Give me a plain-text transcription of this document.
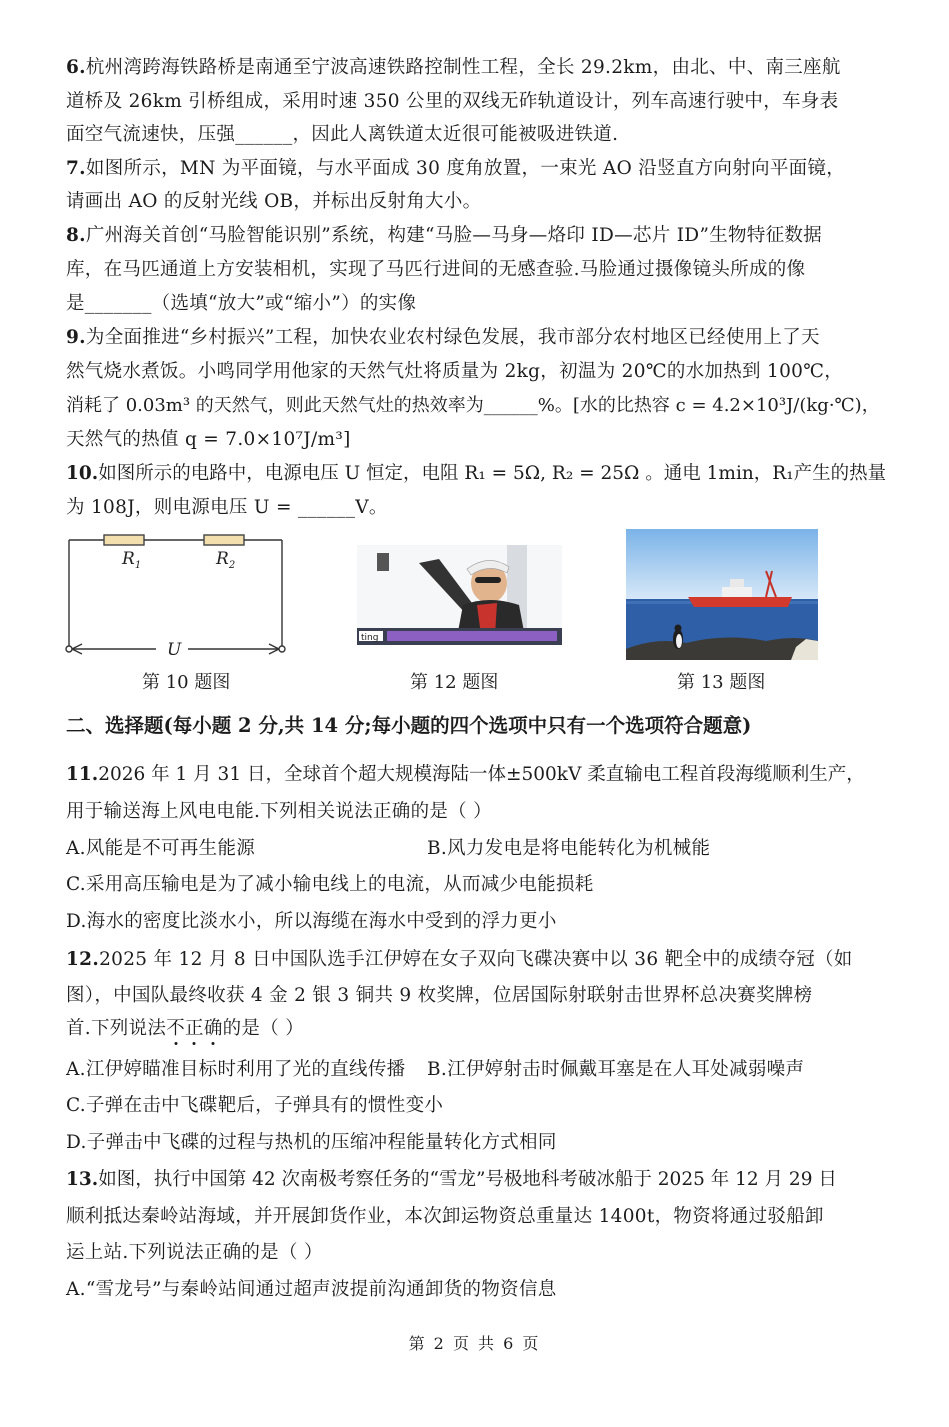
6.杭州湾跨海铁路桥是南通至宁波高速铁路控制性工程，全长 29.2km，由北、中、南三座航
道桥及 26km 引桥组成，采用时速 350 公里的双线无砟轨道设计，列车高速行驶中，车身表
面空气流速快，压强______，因此人离铁道太近很可能被吸进铁道.
7.如图所示，MN 为平面镜，与水平面成 30 度角放置，一束光 AO 沿竖直方向射向平面镜，
请画出 AO 的反射光线 OB，并标出反射角大小。
8.广州海关首创“马脸智能识别”系统，构建“马脸—马身—烙印 ID—芯片 ID”生物特征数据
库，在马匹通道上方安装相机，实现了马匹行进间的无感查验.马脸通过摄像镜头所成的像
是_______（选填“放大”或“缩小”）的实像
9.为全面推进“乡村振兴”工程，加快农业农村绿色发展，我市部分农村地区已经使用上了天
然气烧水煮饭。小鸣同学用他家的天然气灶将质量为 2kg，初温为 20℃的水加热到 100℃，
消耗了 0.03m³ 的天然气，则此天然气灶的热效率为______%。[水的比热容 c = 4.2×10³J/(kg·℃)，
天然气的热值 q = 7.0×10⁷J/m³]
10.如图所示的电路中，电源电压 U 恒定，电阻 R₁ = 5Ω, R₂ = 25Ω 。通电 1min，R₁产生的热量
为 108J，则电源电压 U = ______V。
$R_1$	$R_2$
U
ting
第 10 题图	第 12 题图	第 13 题图
二、选择题(每小题 2 分,共 14 分;每小题的四个选项中只有一个选项符合题意)
11.2026 年 1 月 31 日，全球首个超大规模海陆一体±500kV 柔直输电工程首段海缆顺利生产，
用于输送海上风电电能.下列相关说法正确的是（ ）
A.风能是不可再生能源	B.风力发电是将电能转化为机械能
C.采用高压输电是为了减小输电线上的电流，从而减少电能损耗
D.海水的密度比淡水小，所以海缆在海水中受到的浮力更小
12.2025 年 12 月 8 日中国队选手江伊婷在女子双向飞碟决赛中以 36 靶全中的成绩夺冠（如
图），中国队最终收获 4 金 2 银 3 铜共 9 枚奖牌，位居国际射联射击世界杯总决赛奖牌榜
首.下列说法不正确的是（ ）
A.江伊婷瞄准目标时利用了光的直线传播 B.江伊婷射击时佩戴耳塞是在人耳处减弱噪声
C.子弹在击中飞碟靶后，子弹具有的惯性变小
D.子弹击中飞碟的过程与热机的压缩冲程能量转化方式相同
13.如图，执行中国第 42 次南极考察任务的“雪龙”号极地科考破冰船于 2025 年 12 月 29 日
顺利抵达秦岭站海域，并开展卸货作业，本次卸运物资总重量达 1400t，物资将通过驳船卸
运上站.下列说法正确的是（ ）
A.“雪龙号”与秦岭站间通过超声波提前沟通卸货的物资信息
第 2 页 共 6 页
